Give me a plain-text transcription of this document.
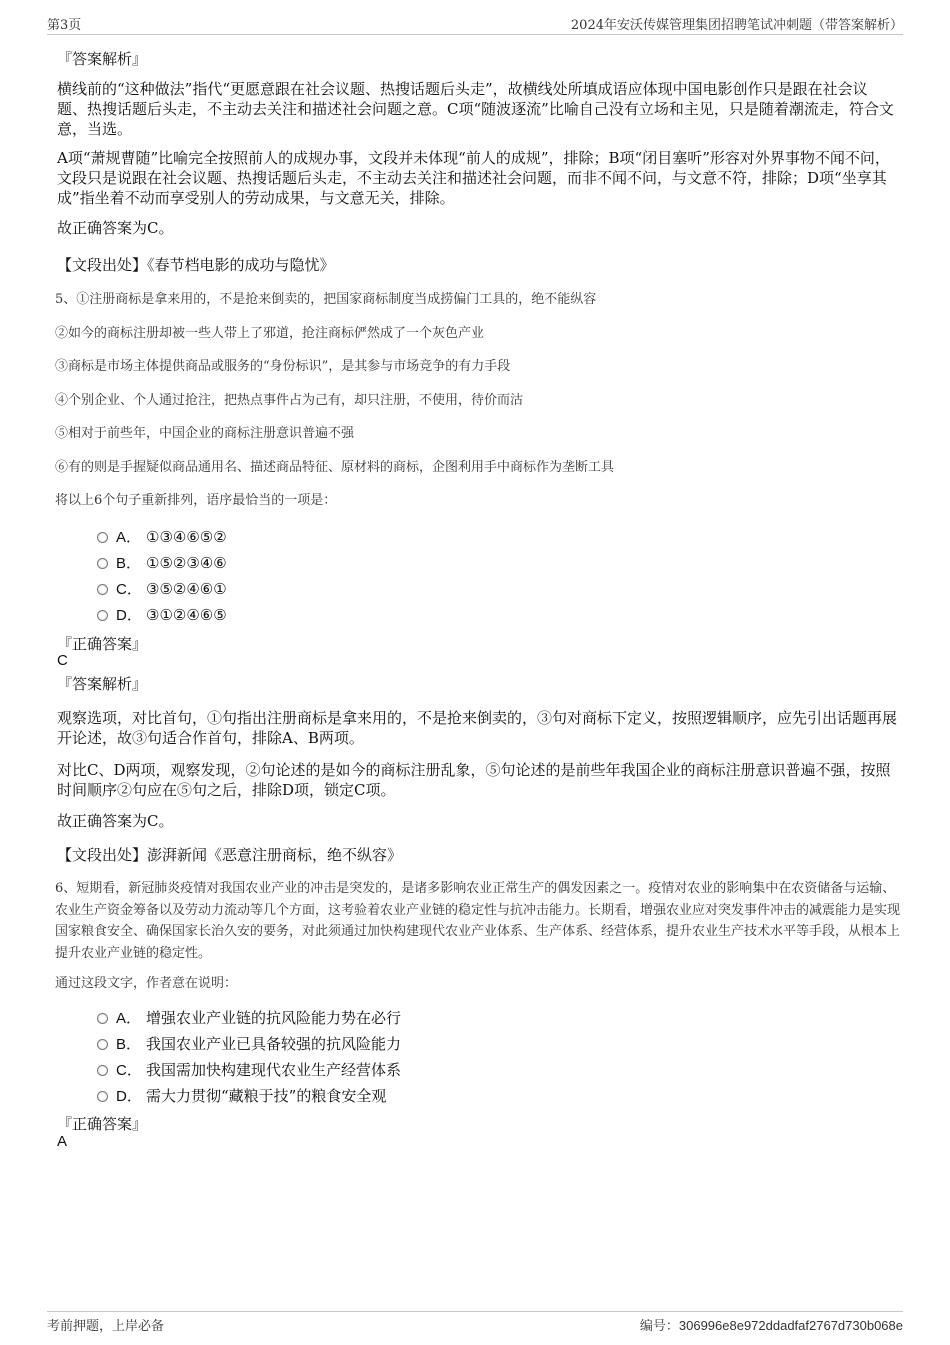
第3页	2024年安沃传媒管理集团招聘笔试冲刺题（带答案解析）
『答案解析』
横线前的“这种做法”指代“更愿意跟在社会议题、热搜话题后头走”，故横线处所填成语应体现中国电影创作只是跟在社会议题、热搜话题后头走，不主动去关注和描述社会问题之意。C项“随波逐流”比喻自己没有立场和主见，只是随着潮流走，符合文意，当选。
A项“萧规曹随”比喻完全按照前人的成规办事，文段并未体现“前人的成规”，排除；B项“闭目塞听”形容对外界事物不闻不问，文段只是说跟在社会议题、热搜话题后头走，不主动去关注和描述社会问题，而非不闻不问，与文意不符，排除；D项“坐享其成”指坐着不动而享受别人的劳动成果，与文意无关，排除。
故正确答案为C。
【文段出处】《春节档电影的成功与隐忧》
5、①注册商标是拿来用的，不是抢来倒卖的，把国家商标制度当成捞偏门工具的，绝不能纵容
②如今的商标注册却被一些人带上了邪道，抢注商标俨然成了一个灰色产业
③商标是市场主体提供商品或服务的“身份标识”，是其参与市场竞争的有力手段
④个别企业、个人通过抢注，把热点事件占为己有，却只注册，不使用，待价而沽
⑤相对于前些年，中国企业的商标注册意识普遍不强
⑥有的则是手握疑似商品通用名、描述商品特征、原材料的商标，企图利用手中商标作为垄断工具
将以上6个句子重新排列，语序最恰当的一项是：
A． ①③④⑥⑤②
B． ①⑤②③④⑥
C． ③⑤②④⑥①
D． ③①②④⑥⑤
『正确答案』
C
『答案解析』
观察选项，对比首句，①句指出注册商标是拿来用的，不是抢来倒卖的，③句对商标下定义，按照逻辑顺序，应先引出话题再展开论述，故③句适合作首句，排除A、B两项。
对比C、D两项，观察发现，②句论述的是如今的商标注册乱象，⑤句论述的是前些年我国企业的商标注册意识普遍不强，按照时间顺序②句应在⑤句之后，排除D项，锁定C项。
故正确答案为C。
【文段出处】澎湃新闻《恶意注册商标，绝不纵容》
6、短期看，新冠肺炎疫情对我国农业产业的冲击是突发的，是诸多影响农业正常生产的偶发因素之一。疫情对农业的影响集中在农资储备与运输、农业生产资金筹备以及劳动力流动等几个方面，这考验着农业产业链的稳定性与抗冲击能力。长期看，增强农业应对突发事件冲击的减震能力是实现国家粮食安全、确保国家长治久安的要务，对此须通过加快构建现代农业产业体系、生产体系、经营体系，提升农业生产技术水平等手段，从根本上提升农业产业链的稳定性。
通过这段文字，作者意在说明：
A． 增强农业产业链的抗风险能力势在必行
B． 我国农业产业已具备较强的抗风险能力
C． 我国需加快构建现代农业生产经营体系
D． 需大力贯彻“藏粮于技”的粮食安全观
『正确答案』
A
考前押题，上岸必备	编号：306996e8e972ddadfaf2767d730b068e
